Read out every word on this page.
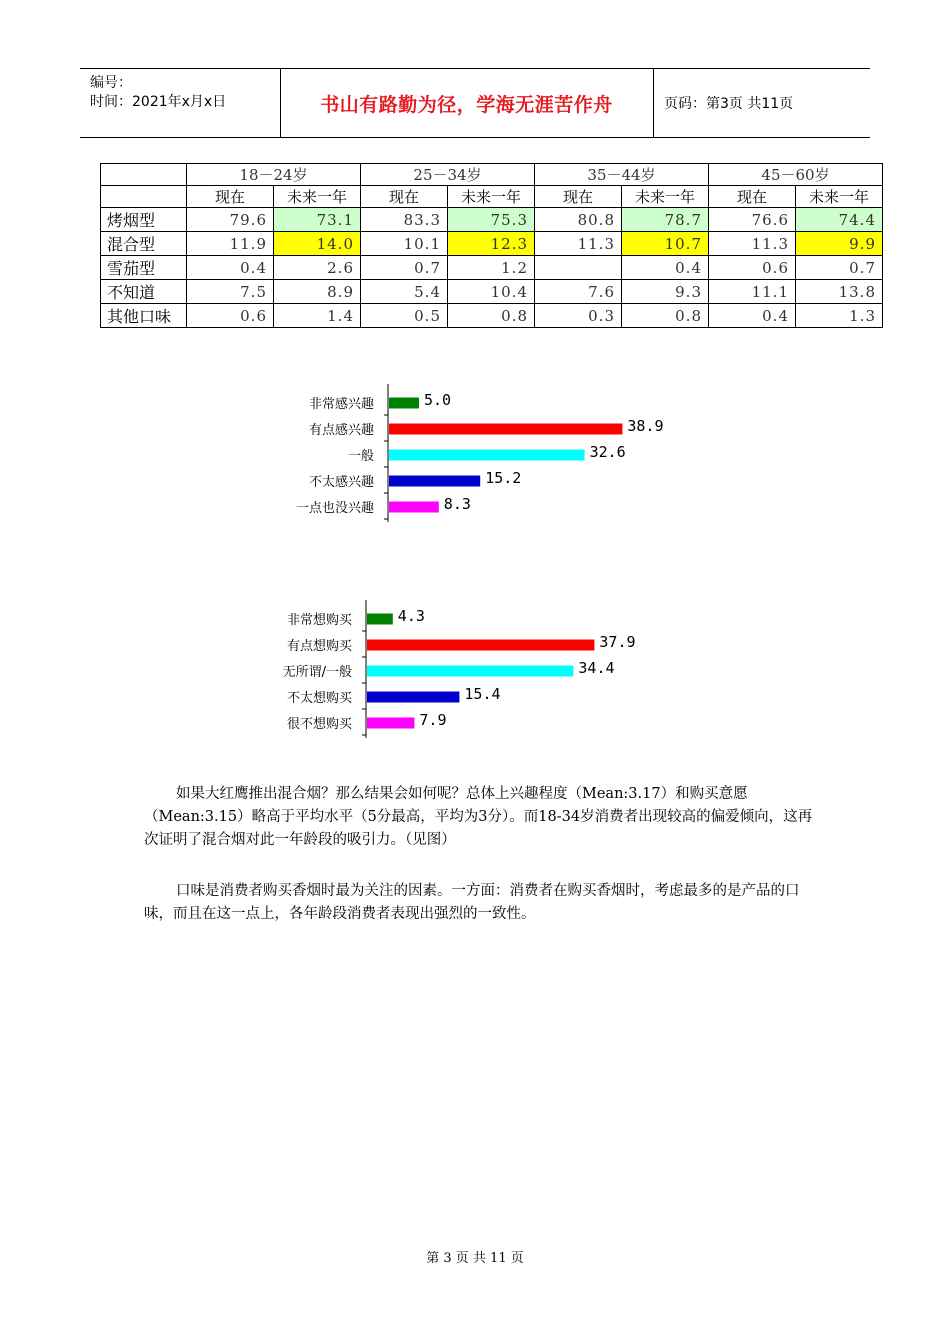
编号：
时间：2021年x月x日	书山有路勤为径，学海无涯苦作舟	页码：第3页 共11页
	18－24岁		25－34岁		35－44岁		45－60岁	
	现在	未来一年	现在	未来一年	现在	未来一年	现在	未来一年
烤烟型	79.6	73.1	83.3	75.3	80.8	78.7	76.6	74.4
混合型	11.9	14.0	10.1	12.3	11.3	10.7	11.3	9.9
雪茄型	0.4	2.6	0.7	1.2		0.4	0.6	0.7
不知道	7.5	8.9	5.4	10.4	7.6	9.3	11.1	13.8
其他口味	0.6	1.4	0.5	0.8	0.3	0.8	0.4	1.3
非常感兴趣	5.0
有点感兴趣	38.9
一般	32.6
不太感兴趣	15.2
一点也没兴趣	8.3
非常想购买	4.3
有点想购买	37.9
无所谓/一般	34.4
不太想购买	15.4
很不想购买	7.9
如果大红鹰推出混合烟？那么结果会如何呢？总体上兴趣程度（Mean:3.17）和购买意愿（Mean:3.15）略高于平均水平（5分最高，平均为3分）。而18-34岁消费者出现较高的偏爱倾向，这再次证明了混合烟对此一年龄段的吸引力。（见图）
口味是消费者购买香烟时最为关注的因素。一方面：消费者在购买香烟时，考虑最多的是产品的口味，而且在这一点上，各年龄段消费者表现出强烈的一致性。
第 3 页 共 11 页
